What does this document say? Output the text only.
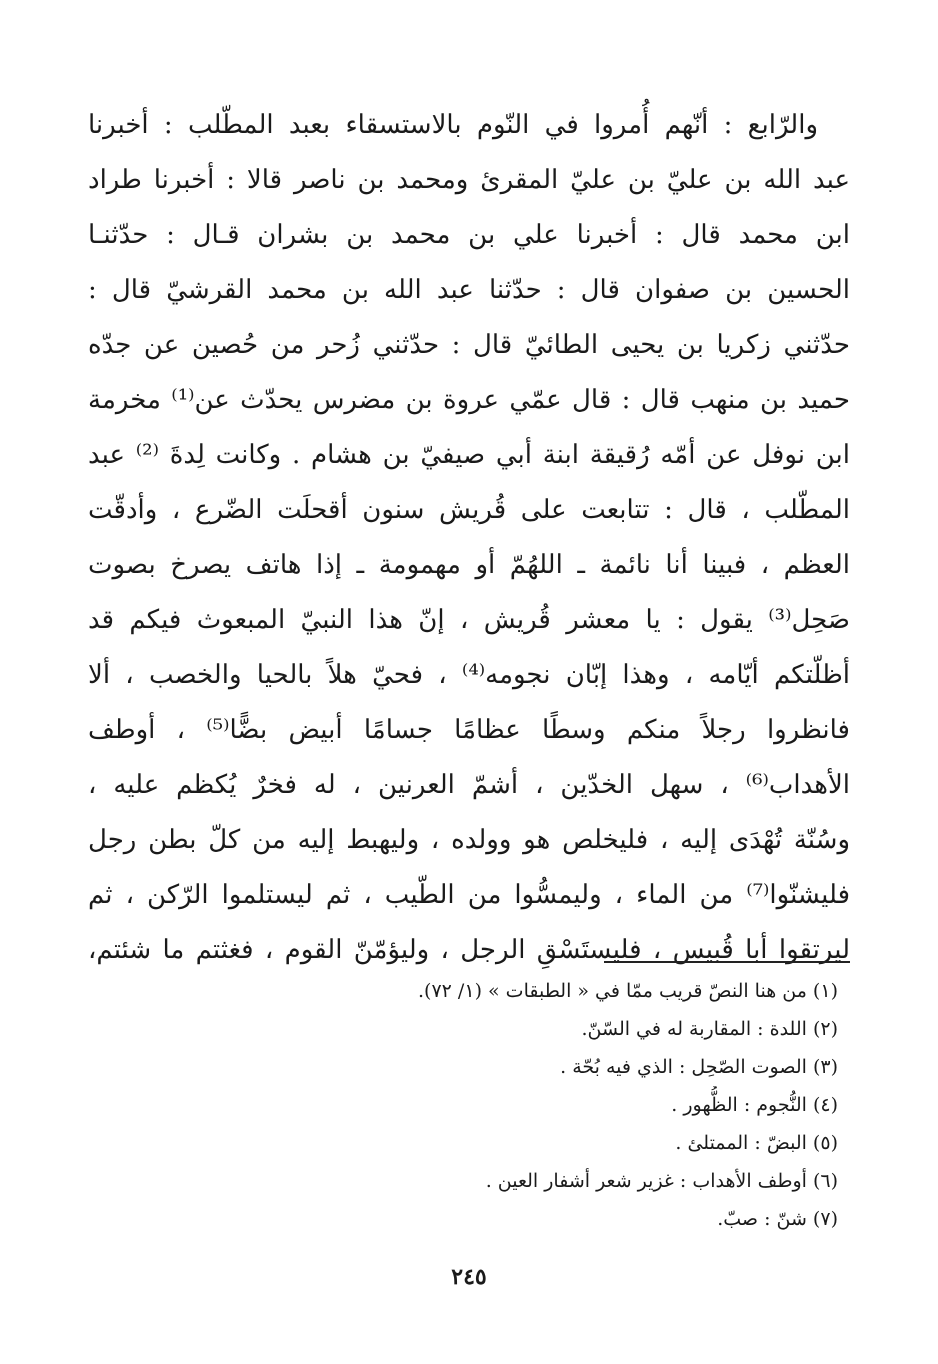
والرّابع : أنّهم أُمروا في النّوم بالاستسقاء بعبد المطّلب : أخبرنا
عبد الله بن عليّ بن عليّ المقرئ ومحمد بن ناصر قالا : أخبرنا طراد
ابن محمد قال : أخبرنا علي بن محمد بن بشران قـال : حدّثنـا
الحسين بن صفوان قال : حدّثنا عبد الله بن محمد القرشيّ قال :
حدّثني زكريا بن يحيى الطائيّ قال : حدّثني زُحر من حُصين عن جدّه
حميد بن منهب قال : قال عمّي عروة بن مضرس يحدّث عن⁽¹⁾ مخرمة
ابن نوفل عن أمّه رُقيقة ابنة أبي صيفيّ بن هشام . وكانت لِدةَ ⁽²⁾ عبد
المطّلب ، قال : تتابعت على قُريش سنون أقحلَت الضّرع ، وأدقّت
العظم ، فبينا أنا نائمة ـ اللهُمّ أو مهمومة ـ إذا هاتف يصرخ بصوت
صَحِل⁽³⁾ يقول : يا معشر قُريش ، إنّ هذا النبيّ المبعوث فيكم قد
أظلّتكم أيّامه ، وهذا إبّان نجومه⁽⁴⁾ ، فحيّ هلاً بالحيا والخصب ، ألا
فانظروا رجلاً منكم وسطًا عظامًا جسامًا أبيض بضًّا⁽⁵⁾ ، أوطف
الأهداب⁽⁶⁾ ، سهل الخدّين ، أشمّ العرنين ، له فخرٌ يُكظم عليه ،
وسُنّة تُهْدَى إليه ، فليخلص هو وولده ، وليهبط إليه من كلّ بطن رجل
فليشنّوا⁽⁷⁾ من الماء ، وليمسُّوا من الطّيب ، ثم ليستلموا الرّكن ، ثم
ليرتقوا أبا قُبيس ، فليستَسْقِ الرجل ، وليؤمّنّ القوم ، فغثتم ما شئتم،
(١) من هنا النصّ قريب ممّا في « الطبقات » (١/ ٧٢).
(٢) اللدة : المقاربة له في السّنّ.
(٣) الصوت الصّحِل : الذي فيه بُحّة .
(٤) النُّجوم : الظُّهور .
(٥) البضّ : الممتلئ .
(٦) أوطف الأهداب : غزير شعر أشفار العين .
(٧) شنّ : صبّ.
٢٤٥
